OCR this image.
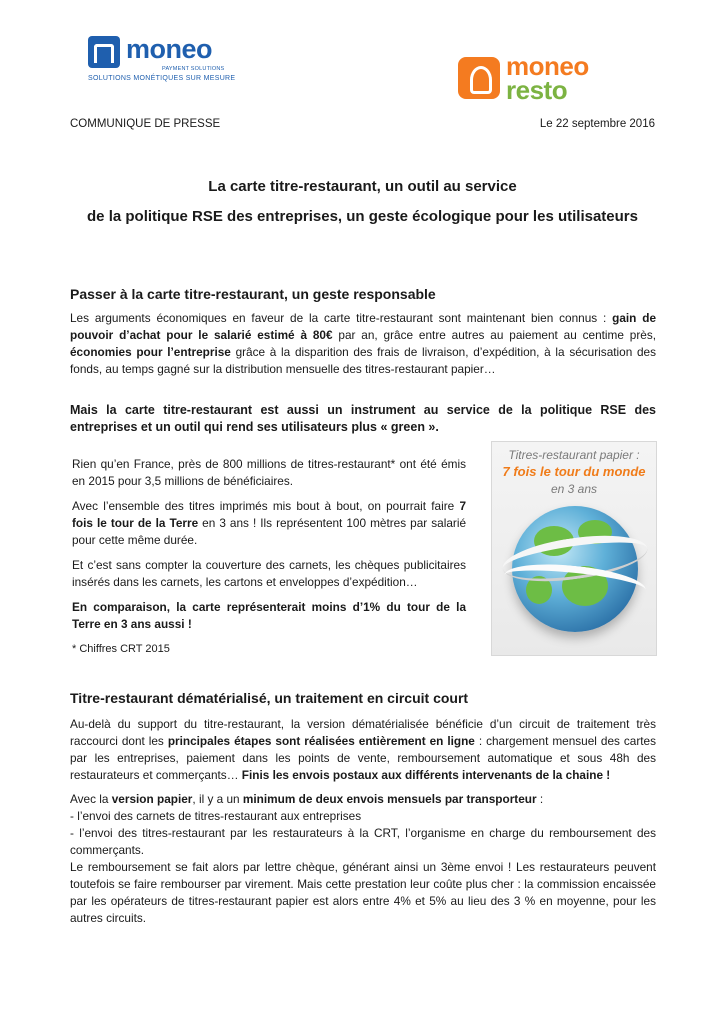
moneo
PAYMENT SOLUTIONS
SOLUTIONS MONÉTIQUES SUR MESURE	moneo
resto
COMMUNIQUE DE PRESSE	Le 22 septembre 2016
La carte titre-restaurant, un outil au service
de la politique RSE des entreprises, un geste écologique pour les utilisateurs
Passer à la carte titre-restaurant, un geste responsable
Les arguments économiques en faveur de la carte titre-restaurant sont maintenant bien connus : gain de pouvoir d’achat pour le salarié estimé à 80€ par an, grâce entre autres au paiement au centime près, économies pour l’entreprise grâce à la disparition des frais de livraison, d’expédition, à la sécurisation des fonds, au temps gagné sur la distribution mensuelle des titres-restaurant papier…
Mais la carte titre-restaurant est aussi un instrument au service de la politique RSE des entreprises et un outil qui rend ses utilisateurs plus « green ».

Rien qu’en France, près de 800 millions de titres-restaurant* ont été émis en 2015 pour 3,5 millions de bénéficiaires.

Avec l’ensemble des titres imprimés mis bout à bout, on pourrait faire 7 fois le tour de la Terre en 3 ans ! Ils représentent 100 mètres par salarié pour cette même durée.

Et c’est sans compter la couverture des carnets, les chèques publicitaires insérés dans les carnets, les cartons et enveloppes d’expédition…

En comparaison, la carte représenterait moins d’1% du tour de la Terre en 3 ans aussi !

* Chiffres CRT 2015

Titres-restaurant papier :
7 fois le tour du monde
en 3 ans
Titre-restaurant dématérialisé, un traitement en circuit court
Au-delà du support du titre-restaurant, la version dématérialisée bénéficie d’un circuit de traitement très raccourci dont les principales étapes sont réalisées entièrement en ligne : chargement mensuel des cartes par les entreprises, paiement dans les points de vente, remboursement automatique et sous 48h des restaurateurs et commerçants… Finis les envois postaux aux différents intervenants de la chaine !
Avec la version papier, il y a un minimum de deux envois mensuels par transporteur :
- l’envoi des carnets de titres-restaurant aux entreprises
- l’envoi des titres-restaurant par les restaurateurs à la CRT, l’organisme en charge du remboursement des commerçants.
Le remboursement se fait alors par lettre chèque, générant ainsi un 3ème envoi ! Les restaurateurs peuvent toutefois se faire rembourser par virement. Mais cette prestation leur coûte plus cher : la commission encaissée par les opérateurs de titres-restaurant papier est alors entre 4% et 5% au lieu des 3 % en moyenne, pour les autres circuits.
